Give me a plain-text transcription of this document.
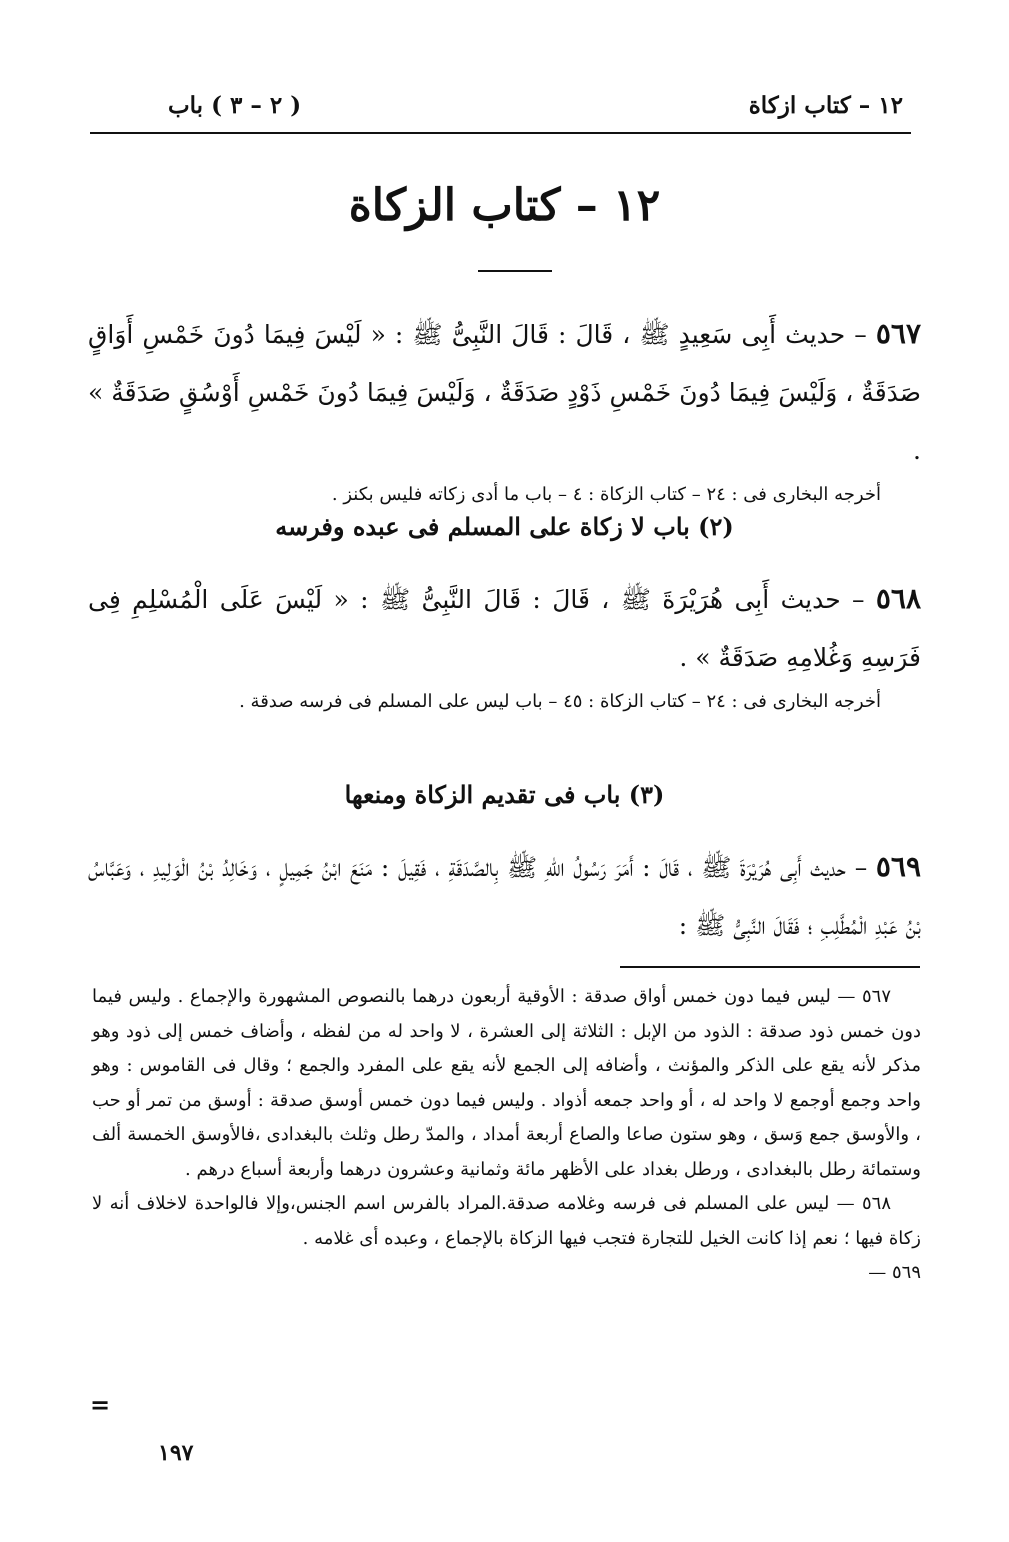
١٢ – كتاب ازكاة
( ٢ – ٣ ) باب
١٢ – كتاب الزكاة
٥٦٧ – حديث أَبِى سَعِيدٍ ﷺ ، قَالَ : قَالَ النَّبِىُّ ﷺ : « لَيْسَ فِيمَا دُونَ خَمْسِ أَوَاقٍ صَدَقَةٌ ، وَلَيْسَ فِيمَا دُونَ خَمْسِ ذَوْدٍ صَدَقَةٌ ، وَلَيْسَ فِيمَا دُونَ خَمْسِ أَوْسُقٍ صَدَقَةٌ » .
أخرجه البخارى فى : ٢٤ – كتاب الزكاة : ٤ – باب ما أدى زكاته فليس بكنز .
(٢) باب لا زكاة على المسلم فى عبده وفرسه
٥٦٨ – حديث أَبِى هُرَيْرَةَ ﷺ ، قَالَ : قَالَ النَّبِىُّ ﷺ : « لَيْسَ عَلَى الْمُسْلِمِ فِى فَرَسِهِ وَغُلامِهِ صَدَقَةٌ » .
أخرجه البخارى فى : ٢٤ – كتاب الزكاة : ٤٥ – باب ليس على المسلم فى فرسه صدقة .
(٣) باب فى تقديم الزكاة ومنعها
٥٦٩ – حديث أَبِى هُرَيْرَةَ ﷺ ، قَالَ : أَمَرَ رَسُولُ اللهِ ﷺ بِالصَّدَقَةِ ، فَقِيلَ : مَنَعَ ابْنُ جَمِيلٍ ، وَخَالِدُ بْنُ الْوَلِيدِ ، وَعَبَّاسُ بْنُ عَبْدِ الْمُطَّلِبِ ؛ فَقَالَ النَّبِىُّ ﷺ :

٥٦٧ — ليس فيما دون خمس أواق صدقة : الأوقية أربعون درهما بالنصوص المشهورة والإجماع . وليس فيما دون خمس ذود صدقة : الذود من الإبل : الثلاثة إلى العشرة ، لا واحد له من لفظه ، وأضاف خمس إلى ذود وهو مذكر لأنه يقع على الذكر والمؤنث ، وأضافه إلى الجمع لأنه يقع على المفرد والجمع ؛ وقال فى القاموس : وهو واحد وجمع أوجمع لا واحد له ، أو واحد جمعه أذواد . وليس فيما دون خمس أوسق صدقة : أوسق من تمر أو حب ، والأوسق جمع وَسق ، وهو ستون صاعا والصاع أربعة أمداد ، والمدّ رطل وثلث بالبغدادى ،فالأوسق الخمسة ألف وستمائة رطل بالبغدادى ، ورطل بغداد على الأظهر مائة وثمانية وعشرون درهما وأربعة أسباع درهم .

٥٦٨ — ليس على المسلم فى فرسه وغلامه صدقة.المراد بالفرس اسم الجنس،وإلا فالواحدة لاخلاف أنه لا زكاة فيها ؛ نعم إذا كانت الخيل للتجارة فتجب فيها الزكاة بالإجماع ، وعبده أى غلامه .

٥٦٩ —

=
١٩٧
